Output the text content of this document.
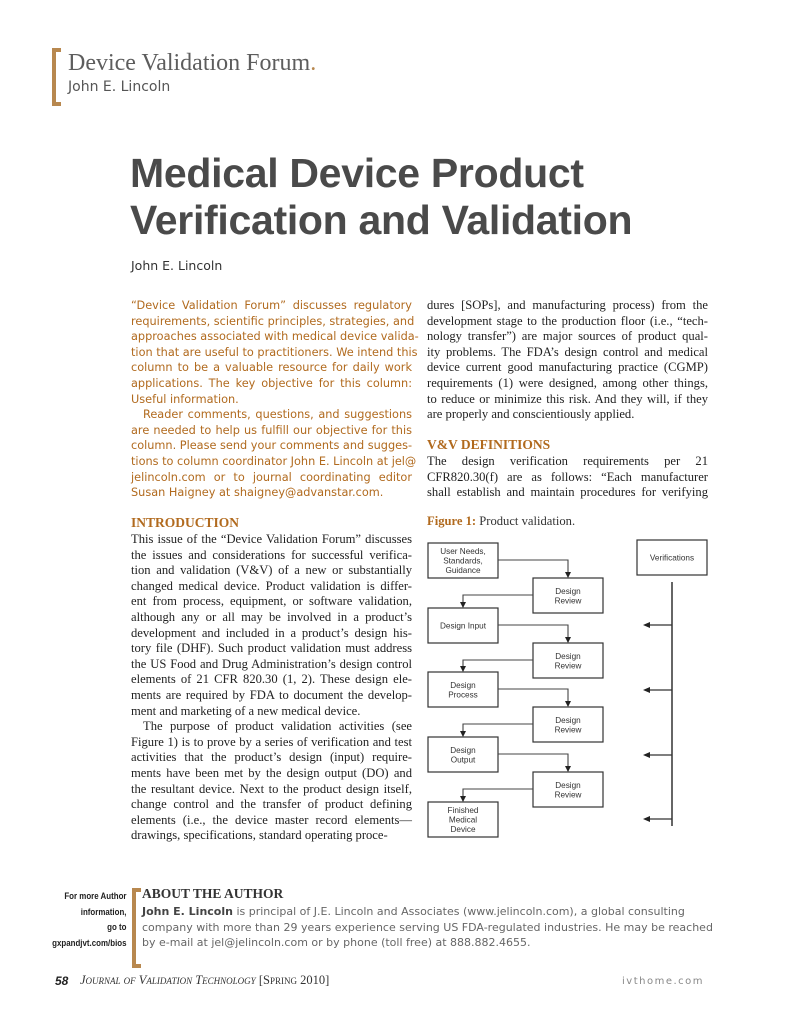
Device Validation Forum.
John E. Lincoln
Medical Device Product
Verification and Validation
John E. Lincoln
“Device Validation Forum” discusses regulatory
requirements, scientific principles, strategies, and
approaches associated with medical device valida-
tion that are useful to practitioners. We intend this
column to be a valuable resource for daily work
applications. The key objective for this column:
Useful information.
Reader comments, questions, and suggestions
are needed to help us fulfill our objective for this
column. Please send your comments and sugges-
tions to column coordinator John E. Lincoln at jel@
jelincoln.com or to journal coordinating editor
Susan Haigney at shaigney@advanstar.com.
INTRODUCTION
This issue of the “Device Validation Forum” discusses
the issues and considerations for successful verifica-
tion and validation (V&V) of a new or substantially
changed medical device. Product validation is differ-
ent from process, equipment, or software validation,
although any or all may be involved in a product’s
development and included in a product’s design his-
tory file (DHF). Such product validation must address
the US Food and Drug Administration’s design control
elements of 21 CFR 820.30 (1, 2). These design ele-
ments are required by FDA to document the develop-
ment and marketing of a new medical device.
The purpose of product validation activities (see
Figure 1) is to prove by a series of verification and test
activities that the product’s design (input) require-
ments have been met by the design output (DO) and
the resultant device. Next to the product design itself,
change control and the transfer of product defining
elements (i.e., the device master record elements—
drawings, specifications, standard operating proce-
dures [SOPs], and manufacturing process) from the
development stage to the production floor (i.e., “tech-
nology transfer”) are major sources of product qual-
ity problems. The FDA’s design control and medical
device current good manufacturing practice (CGMP)
requirements (1) were designed, among other things,
to reduce or minimize this risk. And they will, if they
are properly and conscientiously applied.
V&V DEFINITIONS
The design verification requirements per 21
CFR820.30(f) are as follows: “Each manufacturer
shall establish and maintain procedures for verifying
Figure 1: Product validation.
User Needs,
Standards,
Guidance
Design
Review
Design Input
Design
Review
Design
Process
Design
Review
Design
Output
Design
Review
Finished
Medical
Device
Verifications
For more Author
information,
go to
gxpandjvt.com/bios
ABOUT THE AUTHOR
John E. Lincoln is principal of J.E. Lincoln and Associates (www.jelincoln.com), a global consulting
company with more than 29 years experience serving US FDA-regulated industries. He may be reached
by e-mail at jel@jelincoln.com or by phone (toll free) at 888.882.4655.
58 Journal of Validation Technology [Spring 2010]	ivthome.com
